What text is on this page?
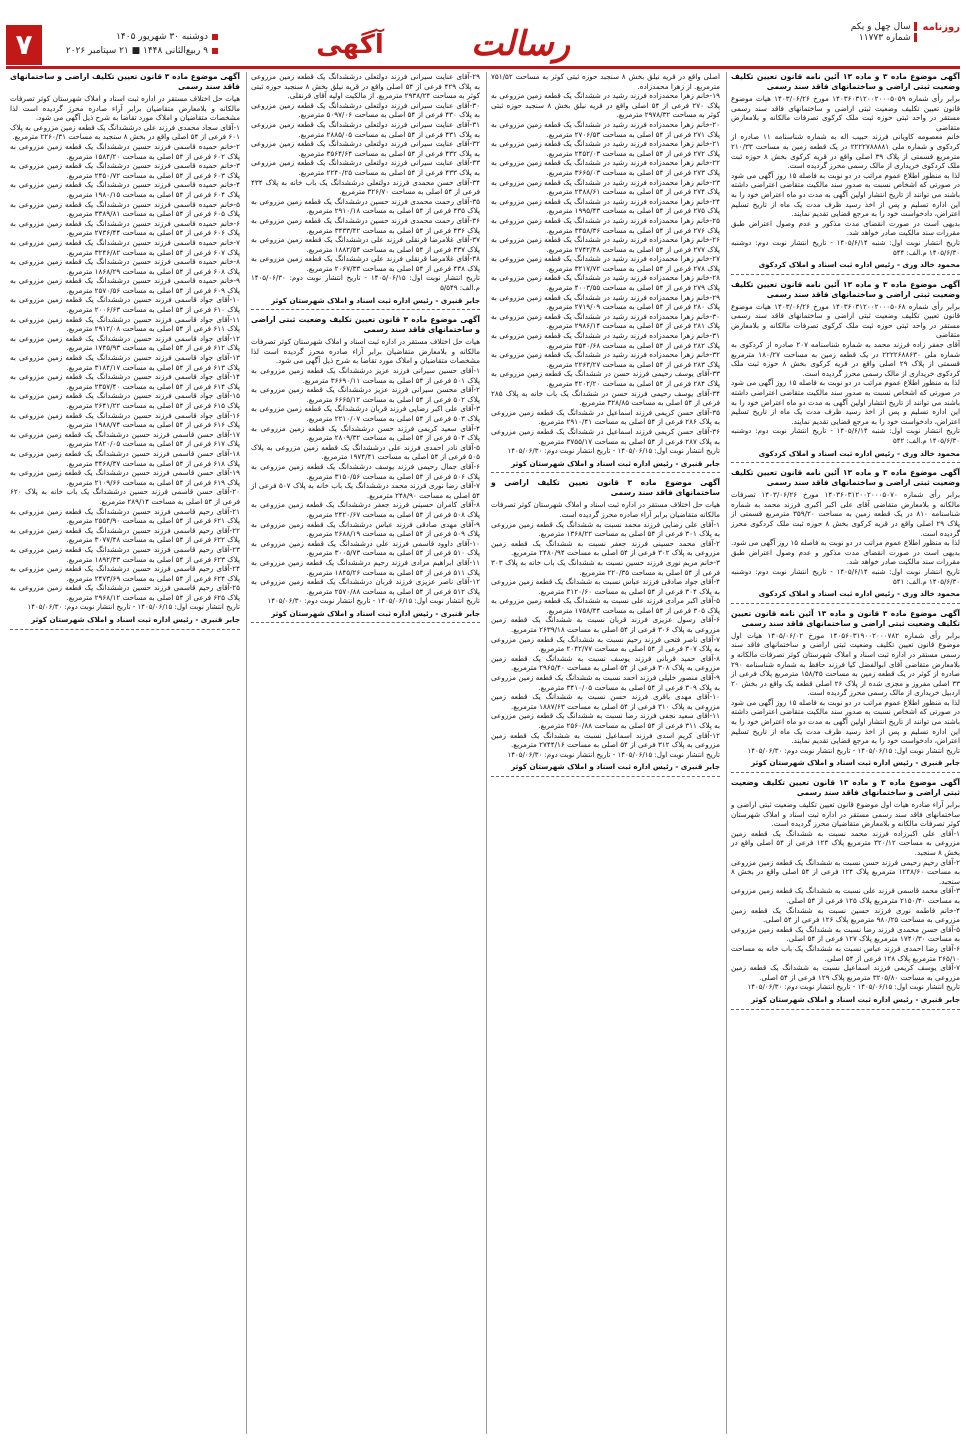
روزنامه
سال چهل و یکم
شماره ۱۱۷۷۳
رسالت
آگهی
دوشنبه ۳۰ شهریور ۱۴۰۵
۹ ربیع‌الثانی ۱۴۴۸ ■ ۲۱ سپتامبر ۲۰۲۶
۷
آگهی موضوع ماده ۳ و ماده ۱۳ آئین نامه قانون تعیین تکلیف وضعیت ثبتی اراضی و ساختمانهای فاقد سند رسمی

برابر رأی شماره ۱۴۰۳۶۰۳۱۲۰۰۲۰۰۰۵۰۵۹ مورخ ۱۴۰۳/۰۶/۲۶ هیات موضوع قانون تعیین تکلیف وضعیت ثبتی اراضی و ساختمانهای فاقد سند رسمی مستقر در واحد ثبتی حوزه ثبت ملک کرکوی تصرفات مالکانه و بلامعارض متقاضی

خانم معصومه کاویانی فرزند حبیب اله به شماره شناسنامه ۱۱ صادره از کردکوی و شماره ملی ۲۲۲۲۷۸۸۸۸۱ در یک قطعه زمین به مساحت ۲۱۰/۳۳ مترمربع قسمتی از پلاک ۳۹ اصلی واقع در قریه کرکوی بخش ۸ حوزه ثبت ملک کردکوی خریداری از مالک رسمی محرز گردیده است.

لذا به منظور اطلاع عموم مراتب در دو نوبت به فاصله ۱۵ روز آگهی می شود در صورتی که اشخاص نسبت به صدور سند مالکیت متقاضی اعتراضی داشته باشند می توانند از تاریخ انتشار اولین آگهی به مدت دو ماه اعتراض خود را به این اداره تسلیم و پس از اخذ رسید ظرف مدت یک ماه از تاریخ تسلیم اعتراض، دادخواست خود را به مرجع قضایی تقدیم نمایند.

بدیهی است در صورت انقضای مدت مذکور و عدم وصول اعتراض طبق مقررات سند مالکیت صادر خواهد شد.

تاریخ انتشار نوبت اول: شنبه ۱۴۰۵/۶/۱۴ - تاریخ انتشار نوبت دوم: دوشنبه ۱۴۰۵/۶/۳۰ م.الف: ۵۴۴
محمود خالد وری - رئیس اداره ثبت اسناد و املاک کردکوی
آگهی موضوع ماده ۳ و ماده ۱۳ آئین نامه قانون تعیین تکلیف وضعیت ثبتی اراضی و ساختمانهای فاقد سند رسمی

برابر رأی شماره ۱۴۰۳۶۰۳۱۲۰۰۲۰۰۰۵۰۶۸ مورخ ۱۴۰۳/۰۶/۲۶ هیات موضوع قانون تعیین تکلیف وضعیت ثبتی اراضی و ساختمانهای فاقد سند رسمی مستقر در واحد ثبتی حوزه ثبت ملک کرکوی تصرفات مالکانه و بلامعارض متقاضی

آقای جعفر زاده فرزند محمد به شماره شناسنامه ۲۰۷ صادره از کردکوی به شماره ملی ۲۲۲۲۶۸۸۶۳۰ در یک قطعه زمین به مساحت ۱۸۰/۲۷ مترمربع قسمتی از پلاک ۲۹ اصلی واقع در قریه کرکوی بخش ۸ حوزه ثبت ملک کردکوی خریداری از مالک رسمی محرز گردیده است.

لذا به منظور اطلاع عموم مراتب در دو نوبت به فاصله ۱۵ روز آگهی می شود در صورتی که اشخاص نسبت به صدور سند مالکیت متقاضی اعتراضی داشته باشند می توانند از تاریخ انتشار اولین آگهی به مدت دو ماه اعتراض خود را به این اداره تسلیم و پس از اخذ رسید ظرف مدت یک ماه از تاریخ تسلیم اعتراض، دادخواست خود را به مرجع قضایی تقدیم نمایند.

تاریخ انتشار نوبت اول: شنبه ۱۴۰۵/۶/۱۴ - تاریخ انتشار نوبت دوم: دوشنبه ۱۴۰۵/۶/۳۰ م.الف: ۵۴۲
محمود خالد وری - رئیس اداره ثبت اسناد و املاک کردکوی
آگهی موضوع ماده ۳ و ماده ۱۳ آئین نامه قانون تعیین تکلیف وضعیت ثبتی اراضی و ساختمانهای فاقد سند رسمی

برابر رأی شماره ۱۴۰۳۶۰۳۱۲۰۰۲۰۰۰۵۰۷۰ مورخ ۱۴۰۳/۰۶/۲۶ تصرفات مالکانه و بلامعارض متقاضی آقای علی اکبر اکبری فرزند محمد به شماره شناسنامه ۸۱۰ در یک قطعه زمین به مساحت ۳۵۹/۲۰ مترمربع قسمتی از پلاک ۲۹ اصلی واقع در قریه کرکوی بخش ۸ حوزه ثبت ملک کردکوی محرز گردیده است.

لذا به منظور اطلاع عموم مراتب در دو نوبت به فاصله ۱۵ روز آگهی می شود. بدیهی است در صورت انقضای مدت مذکور و عدم وصول اعتراض طبق مقررات سند مالکیت صادر خواهد شد.

تاریخ انتشار نوبت اول: شنبه ۱۴۰۵/۶/۱۴ - تاریخ انتشار نوبت دوم: دوشنبه ۱۴۰۵/۶/۳۰ م.الف: ۵۴۱
محمود خالد وری - رئیس اداره ثبت اسناد و املاک کردکوی
آگهی موضوع ماده ۳ قانون و ماده ۱۳ آئین نامه قانون تعیین تکلیف وضعیت ثبتی اراضی و ساختمانهای فاقد سند رسمی

برابر رأی شماره ۱۴۰۵۶۰۳۱۹۰۰۲۰۰۰۷۸۲ مورخ ۱۴۰۵/۰۶/۰۲ هیات اول موضوع قانون تعیین تکلیف وضعیت ثبتی اراضی و ساختمانهای فاقد سند رسمی مستقر در اداره ثبت اسناد و املاک شهرستان کوثر تصرفات مالکانه و بلامعارض متقاضی آقای ابوالفضل کیا فرزند حافظ به شماره شناسنامه ۲۹۰ صادره از کوثر در یک قطعه زمین به مساحت ۱۵۸/۴۵ مترمربع پلاک فرعی از ۳۳ اصلی مفروز و مجزی شده از پلاک ۲۶ اصلی قطعه یک واقع در بخش ۲۰ اردبیل خریداری از مالک رسمی محرز گردیده است.

لذا به منظور اطلاع عموم مراتب در دو نوبت به فاصله ۱۵ روز آگهی می شود در صورتی که اشخاص نسبت به صدور سند مالکیت متقاضی اعتراضی داشته باشند می توانند از تاریخ انتشار اولین آگهی به مدت دو ماه اعتراض خود را به این اداره تسلیم و پس از اخذ رسید ظرف مدت یک ماه از تاریخ تسلیم اعتراض، دادخواست خود را به مرجع قضایی تقدیم نمایند.

تاریخ انتشار نوبت اول: ۱۴۰۵/۰۶/۱۵ - تاریخ انتشار نوبت دوم: ۱۴۰۵/۰۶/۳۰
جابر قنبری - رئیس اداره ثبت اسناد و املاک شهرستان کوثر
آگهی موضوع ماده ۳ و ماده ۱۳ قانون تعیین تکلیف وضعیت ثبتی اراضی و ساختمانهای فاقد سند رسمی

برابر آراء صادره هیات اول موضوع قانون تعیین تکلیف وضعیت ثبتی اراضی و ساختمانهای فاقد سند رسمی مستقر در اداره ثبت اسناد و املاک شهرستان کوثر تصرفات مالکانه و بلامعارض متقاضیان محرز گردیده است.

۱-آقای علی اکبرزاده فرزند محمد نسبت به ششدانگ یک قطعه زمین مزروعی به مساحت ۳۲۰/۱۲ مترمربع پلاک ۱۲۳ فرعی از ۵۴ اصلی واقع در بخش ۸ سنجبد.

۲-آقای رحیم رحیمی فرزند حسن نسبت به ششدانگ یک قطعه زمین مزروعی به مساحت ۱۲۴۸/۶۰ مترمربع پلاک ۱۲۴ فرعی از ۵۴ اصلی واقع در بخش ۸ سنجبد.

۳-آقای محمد قاسمی فرزند علی نسبت به ششدانگ یک قطعه زمین مزروعی به مساحت ۲۱۵۰/۴۰ مترمربع پلاک ۱۲۵ فرعی از ۵۴ اصلی.

۴-خانم فاطمه نوری فرزند حسین نسبت به ششدانگ یک قطعه زمین مزروعی به مساحت ۹۸۰/۲۵ مترمربع پلاک ۱۲۶ فرعی از ۵۴ اصلی.

۵-آقای حسن محمدی فرزند رضا نسبت به ششدانگ یک قطعه زمین مزروعی به مساحت ۱۷۴۰/۳۰ مترمربع پلاک ۱۲۷ فرعی از ۵۴ اصلی.

۶-آقای رضا احمدی فرزند عباس نسبت به ششدانگ یک باب خانه به مساحت ۲۶۵/۱۰ مترمربع پلاک ۱۲۸ فرعی از ۵۴ اصلی.

۷-آقای یوسف کریمی فرزند اسماعیل نسبت به ششدانگ یک قطعه زمین مزروعی به مساحت ۳۲۰۵/۸۰ مترمربع پلاک ۱۲۹ فرعی از ۵۴ اصلی.

تاریخ انتشار نوبت اول: ۱۴۰۵/۰۶/۱۵ - تاریخ انتشار نوبت دوم: ۱۴۰۵/۰۶/۳۰
جابر قنبری - رئیس اداره ثبت اسناد و املاک شهرستان کوثر

اصلی واقع در قریه نیلق بخش ۸ سنجبد حوزه ثبتی کوثر به مساحت ۷۵۱/۵۲ مترمربع. از زهرا محمدزاده.

۱۹-خانم زهرا محمدزاده فرزند رشید در ششدانگ یک قطعه زمین مزروعی به پلاک ۲۷۰ فرعی از ۵۴ اصلی واقع در قریه نیلق بخش ۸ سنجبد حوزه ثبتی کوثر به مساحت ۲۹۷۸/۳۲ مترمربع.

۲۰-خانم زهرا محمدزاده فرزند رشید در ششدانگ یک قطعه زمین مزروعی به پلاک ۲۷۱ فرعی از ۵۴ اصلی به مساحت ۲۷۰۶/۵۳ مترمربع.

۲۱-خانم زهرا محمدزاده فرزند رشید در ششدانگ یک قطعه زمین مزروعی به پلاک ۲۷۲ فرعی از ۵۴ اصلی به مساحت ۲۴۵۲/۰۳ مترمربع.

۲۲-خانم زهرا محمدزاده فرزند رشید در ششدانگ یک قطعه زمین مزروعی به پلاک ۲۷۳ فرعی از ۵۴ اصلی به مساحت ۳۶۶۵/۰۳ مترمربع.

۲۳-خانم زهرا محمدزاده فرزند رشید در ششدانگ یک قطعه زمین مزروعی به پلاک ۲۷۴ فرعی از ۵۴ اصلی به مساحت ۲۳۸۸/۶۱ مترمربع.

۲۴-خانم زهرا محمدزاده فرزند رشید در ششدانگ یک قطعه زمین مزروعی به پلاک ۲۷۵ فرعی از ۵۴ اصلی به مساحت ۱۹۹۵/۴۳ مترمربع.

۲۵-خانم زهرا محمدزاده فرزند رشید در ششدانگ یک قطعه زمین مزروعی به پلاک ۲۷۶ فرعی از ۵۴ اصلی به مساحت ۳۳۵۸/۳۶ مترمربع.

۲۶-خانم زهرا محمدزاده فرزند رشید در ششدانگ یک قطعه زمین مزروعی به پلاک ۲۷۷ فرعی از ۵۴ اصلی به مساحت ۲۷۴۲/۴۸ مترمربع.

۲۷-خانم زهرا محمدزاده فرزند رشید در ششدانگ یک قطعه زمین مزروعی به پلاک ۲۷۸ فرعی از ۵۴ اصلی به مساحت ۳۲۱۷/۷۲ مترمربع.

۲۸-خانم زهرا محمدزاده فرزند رشید در ششدانگ یک قطعه زمین مزروعی به پلاک ۲۷۹ فرعی از ۵۴ اصلی به مساحت ۴۰۰۳/۵۵ مترمربع.

۲۹-خانم زهرا محمدزاده فرزند رشید در ششدانگ یک قطعه زمین مزروعی به پلاک ۲۸۰ فرعی از ۵۴ اصلی به مساحت ۲۷۱۹/۰۹ مترمربع.

۳۰-خانم زهرا محمدزاده فرزند رشید در ششدانگ یک قطعه زمین مزروعی به پلاک ۲۸۱ فرعی از ۵۴ اصلی به مساحت ۲۹۸۶/۱۴ مترمربع.

۳۱-خانم زهرا محمدزاده فرزند رشید در ششدانگ یک قطعه زمین مزروعی به پلاک ۲۸۲ فرعی از ۵۴ اصلی به مساحت ۳۵۴۰/۶۸ مترمربع.

۳۲-خانم زهرا محمدزاده فرزند رشید در ششدانگ یک قطعه زمین مزروعی به پلاک ۲۸۳ فرعی از ۵۴ اصلی به مساحت ۲۲۶۳/۲۷ مترمربع.

۳۳-آقای یوسف رحیمی فرزند حسن در ششدانگ یک قطعه زمین مزروعی به پلاک ۲۸۴ فرعی از ۵۴ اصلی به مساحت ۴۲۰۲/۲۰ مترمربع.

۳۴-آقای یوسف رحیمی فرزند حسن در ششدانگ یک باب خانه به پلاک ۲۸۵ فرعی از ۵۴ اصلی به مساحت ۳۲۸/۸۵ مترمربع.

۳۵-آقای حسن کریمی فرزند اسماعیل در ششدانگ یک قطعه زمین مزروعی به پلاک ۲۸۶ فرعی از ۵۴ اصلی به مساحت ۲۹۱۰/۴۱ مترمربع.

۳۶-آقای حسن کریمی فرزند اسماعیل در ششدانگ یک قطعه زمین مزروعی به پلاک ۲۸۷ فرعی از ۵۴ اصلی به مساحت ۳۷۵۵/۱۷ مترمربع.

تاریخ انتشار نوبت اول: ۱۴۰۵/۰۶/۱۵ - تاریخ انتشار نوبت دوم: ۱۴۰۵/۰۶/۳۰
جابر قنبری - رئیس اداره ثبت اسناد و املاک شهرستان کوثر
آگهی موضوع ماده ۳ قانون تعیین تکلیف اراضی و ساختمانهای فاقد سند رسمی

هیات حل اختلاف مستقر در اداره ثبت اسناد و املاک شهرستان کوثر تصرفات مالکانه متقاضیان برابر آراء صادره محرز گردیده است.

۱-آقای علی رضایی فرزند محمد نسبت به ششدانگ یک قطعه زمین مزروعی به پلاک ۳۰۱ فرعی از ۵۴ اصلی به مساحت ۱۳۶۸/۲۲ مترمربع.

۲-آقای محمد حسینی فرزند جعفر نسبت به ششدانگ یک قطعه زمین مزروعی به پلاک ۳۰۲ فرعی از ۵۴ اصلی به مساحت ۲۴۸۰/۹۴ مترمربع.

۳-خانم مریم نوری فرزند حسین نسبت به ششدانگ یک باب خانه به پلاک ۳۰۳ فرعی از ۵۴ اصلی به مساحت ۲۲۰/۳۵ مترمربع.

۴-آقای جواد صادقی فرزند عباس نسبت به ششدانگ یک قطعه زمین مزروعی به پلاک ۳۰۴ فرعی از ۵۴ اصلی به مساحت ۳۱۲۰/۶۰ مترمربع.

۵-آقای اکبر مرادی فرزند علی نسبت به ششدانگ یک قطعه زمین مزروعی به پلاک ۳۰۵ فرعی از ۵۴ اصلی به مساحت ۱۷۵۸/۴۴ مترمربع.

۶-آقای رسول عزیزی فرزند قربان نسبت به ششدانگ یک قطعه زمین مزروعی به پلاک ۳۰۶ فرعی از ۵۴ اصلی به مساحت ۲۶۳۹/۱۸ مترمربع.

۷-آقای ناصر فتحی فرزند رحیم نسبت به ششدانگ یک قطعه زمین مزروعی به پلاک ۳۰۷ فرعی از ۵۴ اصلی به مساحت ۲۰۴۲/۷۷ مترمربع.

۸-آقای حمید قربانی فرزند یوسف نسبت به ششدانگ یک قطعه زمین مزروعی به پلاک ۳۰۸ فرعی از ۵۴ اصلی به مساحت ۲۹۶۵/۴۰ مترمربع.

۹-آقای منصور خلیلی فرزند احمد نسبت به ششدانگ یک قطعه زمین مزروعی به پلاک ۳۰۹ فرعی از ۵۴ اصلی به مساحت ۳۴۱۰/۰۵ مترمربع.

۱۰-آقای مهدی باقری فرزند حسن نسبت به ششدانگ یک قطعه زمین مزروعی به پلاک ۳۱۰ فرعی از ۵۴ اصلی به مساحت ۱۸۸۷/۶۳ مترمربع.

۱۱-آقای سعید نجفی فرزند رضا نسبت به ششدانگ یک قطعه زمین مزروعی به پلاک ۳۱۱ فرعی از ۵۴ اصلی به مساحت ۲۵۶۰/۸۸ مترمربع.

۱۲-آقای کریم اسدی فرزند اسماعیل نسبت به ششدانگ یک قطعه زمین مزروعی به پلاک ۳۱۲ فرعی از ۵۴ اصلی به مساحت ۲۷۴۴/۱۶ مترمربع.

تاریخ انتشار نوبت اول: ۱۴۰۵/۰۶/۱۵ - تاریخ انتشار نوبت دوم: ۱۴۰۵/۰۶/۳۰
جابر قنبری - رئیس اداره ثبت اسناد و املاک شهرستان کوثر

۲۹-آقای عنایت سیرانی فرزند دولتعلی درششدانگ یک قطعه زمین مزروعی به پلاک ۴۲۹ فرعی از ۵۴ اصلی واقع در قریه نیلق بخش ۸ سنجبد حوزه ثبتی کوثر به مساحت ۲۹۳۸/۲۴ مترمربع. از مالکیت اولیه آقای قرنقلی.

۳۰-آقای عنایت سیرانی فرزند دولتعلی درششدانگ یک قطعه زمین مزروعی به پلاک ۴۳۰ فرعی از ۵۴ اصلی به مساحت ۵۰۹۷/۰۶ مترمربع.

۳۱-آقای عنایت سیرانی فرزند دولتعلی درششدانگ یک قطعه زمین مزروعی به پلاک ۴۳۱ فرعی از ۵۴ اصلی به مساحت ۲۸۸۵/۰۵ مترمربع.

۳۲-آقای عنایت سیرانی فرزند دولتعلی درششدانگ یک قطعه زمین مزروعی به پلاک ۴۳۲ فرعی از ۵۴ اصلی به مساحت ۳۵۶۴/۶۴ مترمربع.

۳۳-آقای عنایت سیرانی فرزند دولتعلی درششدانگ یک قطعه زمین مزروعی به پلاک ۴۳۳ فرعی از ۵۴ اصلی به مساحت ۲۲۴۰/۲۵ مترمربع.

۳۴-آقای حسن محمدی فرزند دولتعلی درششدانگ یک باب خانه به پلاک ۴۳۴ فرعی از ۵۴ اصلی به مساحت ۳۲۶/۷۰ مترمربع.

۳۵-آقای رحمت محمدی فرزند حسین درششدانگ یک قطعه زمین مزروعی به پلاک ۴۳۵ فرعی از ۵۴ اصلی به مساحت ۲۹۱۰/۱۸ مترمربع.

۳۶-آقای رحمت محمدی فرزند حسین درششدانگ یک قطعه زمین مزروعی به پلاک ۴۳۶ فرعی از ۵۴ اصلی به مساحت ۳۴۳۳/۴۲ مترمربع.

۳۷-آقای غلامرضا قرنقلی فرزند علی درششدانگ یک قطعه زمین مزروعی به پلاک ۴۳۷ فرعی از ۵۴ اصلی به مساحت ۱۸۸۲/۵۴ مترمربع.

۳۸-آقای غلامرضا قرنقلی فرزند علی درششدانگ یک قطعه زمین مزروعی به پلاک ۴۳۸ فرعی از ۵۴ اصلی به مساحت ۲۰۶۷/۳۳ مترمربع.

تاریخ انتشار نوبت اول: ۱۴۰۵/۰۶/۱۵ - تاریخ انتشار نوبت دوم: ۱۴۰۵/۰۶/۳۰ م.الف: ۵/۵۴۹
جابر قنبری - رئیس اداره ثبت اسناد و املاک شهرستان کوثر
آگهی موضوع ماده ۳ قانون تعیین تکلیف وضعیت ثبتی اراضی و ساختمانهای فاقد سند رسمی

هیات حل اختلاف مستقر در اداره ثبت اسناد و املاک شهرستان کوثر تصرفات مالکانه و بلامعارض متقاضیان برابر آراء صادره محرز گردیده است لذا مشخصات متقاضیان و املاک مورد تقاضا به شرح ذیل آگهی می شود.

۱-آقای حسین سیرانی فرزند عزیز درششدانگ یک قطعه زمین مزروعی به پلاک ۵۰۱ فرعی از ۵۴ اصلی به مساحت ۳۶۶۹۰/۱۱ مترمربع.

۲-آقای محسن سیرانی فرزند عزیز درششدانگ یک قطعه زمین مزروعی به پلاک ۵۰۲ فرعی از ۵۴ اصلی به مساحت ۶۶۶۵/۱۲ مترمربع.

۳-آقای علی اکبر رضایی فرزند قربان درششدانگ یک قطعه زمین مزروعی به پلاک ۵۰۳ فرعی از ۵۴ اصلی به مساحت ۲۲۱۰/۰۷ مترمربع.

۴-آقای سعید کریمی فرزند حسن درششدانگ یک قطعه زمین مزروعی به پلاک ۵۰۴ فرعی از ۵۴ اصلی به مساحت ۲۸۰۹/۳۲ مترمربع.

۵-آقای نادر احمدی فرزند علی درششدانگ یک قطعه زمین مزروعی به پلاک ۵۰۵ فرعی از ۵۴ اصلی به مساحت ۱۹۷۴/۴۱ مترمربع.

۶-آقای جمال رحیمی فرزند یوسف درششدانگ یک قطعه زمین مزروعی به پلاک ۵۰۶ فرعی از ۵۴ اصلی به مساحت ۳۱۵۰/۵۶ مترمربع.

۷-آقای رضا نوری فرزند محمد درششدانگ یک باب خانه به پلاک ۵۰۷ فرعی از ۵۴ اصلی به مساحت ۲۴۸/۹۰ مترمربع.

۸-آقای کامران حسینی فرزند جعفر درششدانگ یک قطعه زمین مزروعی به پلاک ۵۰۸ فرعی از ۵۴ اصلی به مساحت ۲۴۲۰/۶۷ مترمربع.

۹-آقای مهدی صادقی فرزند عباس درششدانگ یک قطعه زمین مزروعی به پلاک ۵۰۹ فرعی از ۵۴ اصلی به مساحت ۲۶۸۸/۱۹ مترمربع.

۱۰-آقای داوود قاسمی فرزند علی درششدانگ یک قطعه زمین مزروعی به پلاک ۵۱۰ فرعی از ۵۴ اصلی به مساحت ۳۰۰۵/۷۳ مترمربع.

۱۱-آقای ابراهیم مرادی فرزند رحیم درششدانگ یک قطعه زمین مزروعی به پلاک ۵۱۱ فرعی از ۵۴ اصلی به مساحت ۱۸۴۵/۲۶ مترمربع.

۱۲-آقای ناصر عزیزی فرزند قربان درششدانگ یک قطعه زمین مزروعی به پلاک ۵۱۲ فرعی از ۵۴ اصلی به مساحت ۲۵۷۰/۸۸ مترمربع.

تاریخ انتشار نوبت اول: ۱۴۰۵/۰۶/۱۵ - تاریخ انتشار نوبت دوم: ۱۴۰۵/۰۶/۳۰
جابر قنبری - رئیس اداره ثبت اسناد و املاک شهرستان کوثر
آگهی موضوع ماده ۳ قانون تعیین تکلیف اراضی و ساختمانهای فاقد سند رسمی

هیات حل اختلاف مستقر در اداره ثبت اسناد و املاک شهرستان کوثر تصرفات مالکانه و بلامعارض متقاضیان برابر آراء صادره محرز گردیده است لذا مشخصات متقاضیان و املاک مورد تقاضا به شرح ذیل آگهی می شود.

۱-آقای سجاد محمدی فرزند علی درششدانگ یک قطعه زمین مزروعی به پلاک ۶۰۱ فرعی از ۵۴ اصلی واقع در بخش ۸ سنجبد به مساحت ۲۲۶۰/۳۱ مترمربع.

۲-خانم حمیده قاسمی فرزند حسین درششدانگ یک قطعه زمین مزروعی به پلاک ۶۰۲ فرعی از ۵۴ اصلی به مساحت ۱۵۸۴/۲۰ مترمربع.

۳-خانم حمیده قاسمی فرزند حسین درششدانگ یک قطعه زمین مزروعی به پلاک ۶۰۳ فرعی از ۵۴ اصلی به مساحت ۲۴۵۰/۷۲ مترمربع.

۴-خانم حمیده قاسمی فرزند حسین درششدانگ یک قطعه زمین مزروعی به پلاک ۶۰۴ فرعی از ۵۴ اصلی به مساحت ۱۹۸۰/۱۵ مترمربع.

۵-خانم حمیده قاسمی فرزند حسین درششدانگ یک قطعه زمین مزروعی به پلاک ۶۰۵ فرعی از ۵۴ اصلی به مساحت ۳۳۸۹/۸۱ مترمربع.

۶-خانم حمیده قاسمی فرزند حسین درششدانگ یک قطعه زمین مزروعی به پلاک ۶۰۶ فرعی از ۵۴ اصلی به مساحت ۲۷۳۶/۴۴ مترمربع.

۷-خانم حمیده قاسمی فرزند حسین درششدانگ یک قطعه زمین مزروعی به پلاک ۶۰۷ فرعی از ۵۴ اصلی به مساحت ۳۲۴۶/۸۲ مترمربع.

۸-خانم حمیده قاسمی فرزند حسین درششدانگ یک قطعه زمین مزروعی به پلاک ۶۰۸ فرعی از ۵۴ اصلی به مساحت ۱۸۶۸/۲۹ مترمربع.

۹-خانم حمیده قاسمی فرزند حسین درششدانگ یک قطعه زمین مزروعی به پلاک ۶۰۹ فرعی از ۵۴ اصلی به مساحت ۲۵۷۰/۵۶ مترمربع.

۱۰-آقای جواد قاسمی فرزند حسین درششدانگ یک قطعه زمین مزروعی به پلاک ۶۱۰ فرعی از ۵۴ اصلی به مساحت ۲۰۰۶/۶۳ مترمربع.

۱۱-آقای جواد قاسمی فرزند حسین درششدانگ یک قطعه زمین مزروعی به پلاک ۶۱۱ فرعی از ۵۴ اصلی به مساحت ۲۹۱۲/۰۸ مترمربع.

۱۲-آقای جواد قاسمی فرزند حسین درششدانگ یک قطعه زمین مزروعی به پلاک ۶۱۲ فرعی از ۵۴ اصلی به مساحت ۱۷۴۵/۹۳ مترمربع.

۱۳-آقای جواد قاسمی فرزند حسین درششدانگ یک قطعه زمین مزروعی به پلاک ۶۱۳ فرعی از ۵۴ اصلی به مساحت ۳۱۸۴/۱۷ مترمربع.

۱۴-آقای جواد قاسمی فرزند حسین درششدانگ یک قطعه زمین مزروعی به پلاک ۶۱۴ فرعی از ۵۴ اصلی به مساحت ۲۳۵۷/۴۰ مترمربع.

۱۵-آقای جواد قاسمی فرزند حسین درششدانگ یک قطعه زمین مزروعی به پلاک ۶۱۵ فرعی از ۵۴ اصلی به مساحت ۲۶۴۱/۲۲ مترمربع.

۱۶-آقای جواد قاسمی فرزند حسین درششدانگ یک قطعه زمین مزروعی به پلاک ۶۱۶ فرعی از ۵۴ اصلی به مساحت ۱۹۸۸/۷۴ مترمربع.

۱۷-آقای حسن قاسمی فرزند حسین درششدانگ یک قطعه زمین مزروعی به پلاک ۶۱۷ فرعی از ۵۴ اصلی به مساحت ۲۸۲۰/۰۵ مترمربع.

۱۸-آقای حسن قاسمی فرزند حسین درششدانگ یک قطعه زمین مزروعی به پلاک ۶۱۸ فرعی از ۵۴ اصلی به مساحت ۳۴۶۸/۳۷ مترمربع.

۱۹-آقای حسن قاسمی فرزند حسین درششدانگ یک قطعه زمین مزروعی به پلاک ۶۱۹ فرعی از ۵۴ اصلی به مساحت ۲۱۰۹/۶۶ مترمربع.

۲۰-آقای حسن قاسمی فرزند حسین درششدانگ یک باب خانه به پلاک ۶۲۰ فرعی از ۵۴ اصلی به مساحت ۲۸۹/۱۴ مترمربع.

۲۱-آقای رحیم قاسمی فرزند حسین درششدانگ یک قطعه زمین مزروعی به پلاک ۶۲۱ فرعی از ۵۴ اصلی به مساحت ۲۵۵۴/۹۰ مترمربع.

۲۲-آقای رحیم قاسمی فرزند حسین درششدانگ یک قطعه زمین مزروعی به پلاک ۶۲۲ فرعی از ۵۴ اصلی به مساحت ۳۰۷۷/۴۸ مترمربع.

۲۳-آقای رحیم قاسمی فرزند حسین درششدانگ یک قطعه زمین مزروعی به پلاک ۶۲۳ فرعی از ۵۴ اصلی به مساحت ۱۸۹۲/۳۳ مترمربع.

۲۴-آقای رحیم قاسمی فرزند حسین درششدانگ یک قطعه زمین مزروعی به پلاک ۶۲۴ فرعی از ۵۴ اصلی به مساحت ۲۴۷۳/۶۹ مترمربع.

۲۵-آقای رحیم قاسمی فرزند حسین درششدانگ یک قطعه زمین مزروعی به پلاک ۶۲۵ فرعی از ۵۴ اصلی به مساحت ۲۹۶۸/۱۲ مترمربع.

تاریخ انتشار نوبت اول: ۱۴۰۵/۰۶/۱۵ - تاریخ انتشار نوبت دوم: ۱۴۰۵/۰۶/۳۰
جابر قنبری - رئیس اداره ثبت اسناد و املاک شهرستان کوثر
